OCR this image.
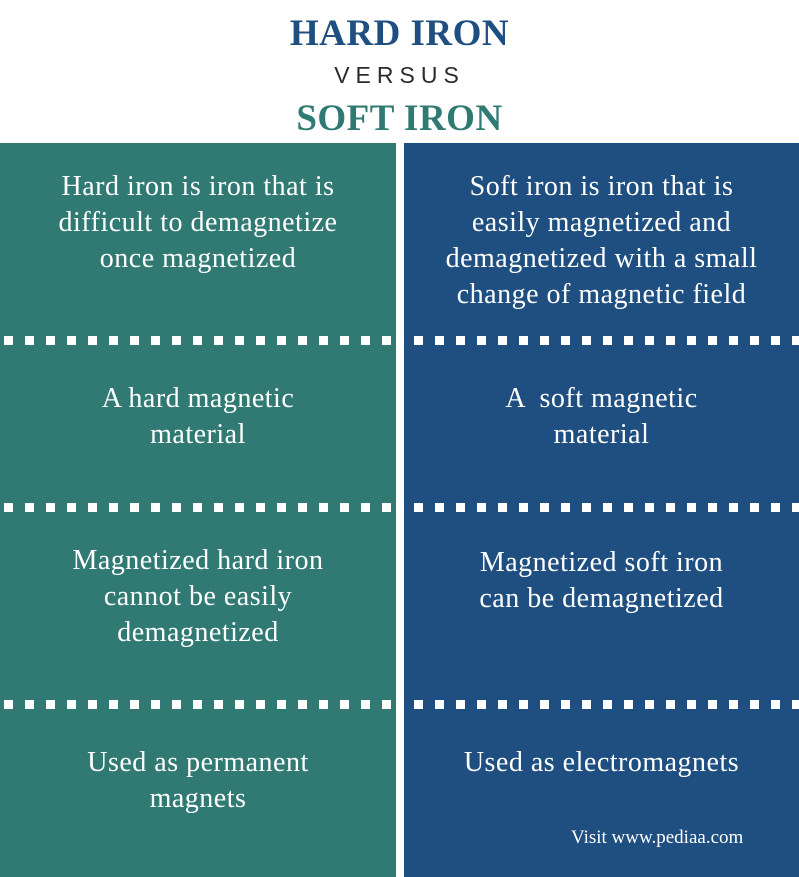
HARD IRON
VERSUS
SOFT IRON
Hard iron is iron that is
difficult to demagnetize
once magnetized
A hard magnetic
material
Magnetized hard iron
cannot be easily
demagnetized
Used as permanent
magnets
Soft iron is iron that is
easily magnetized and
demagnetized with a small
change of magnetic field
A  soft magnetic
material
Magnetized soft iron
can be demagnetized
Used as electromagnets
Visit www.pediaa.com
